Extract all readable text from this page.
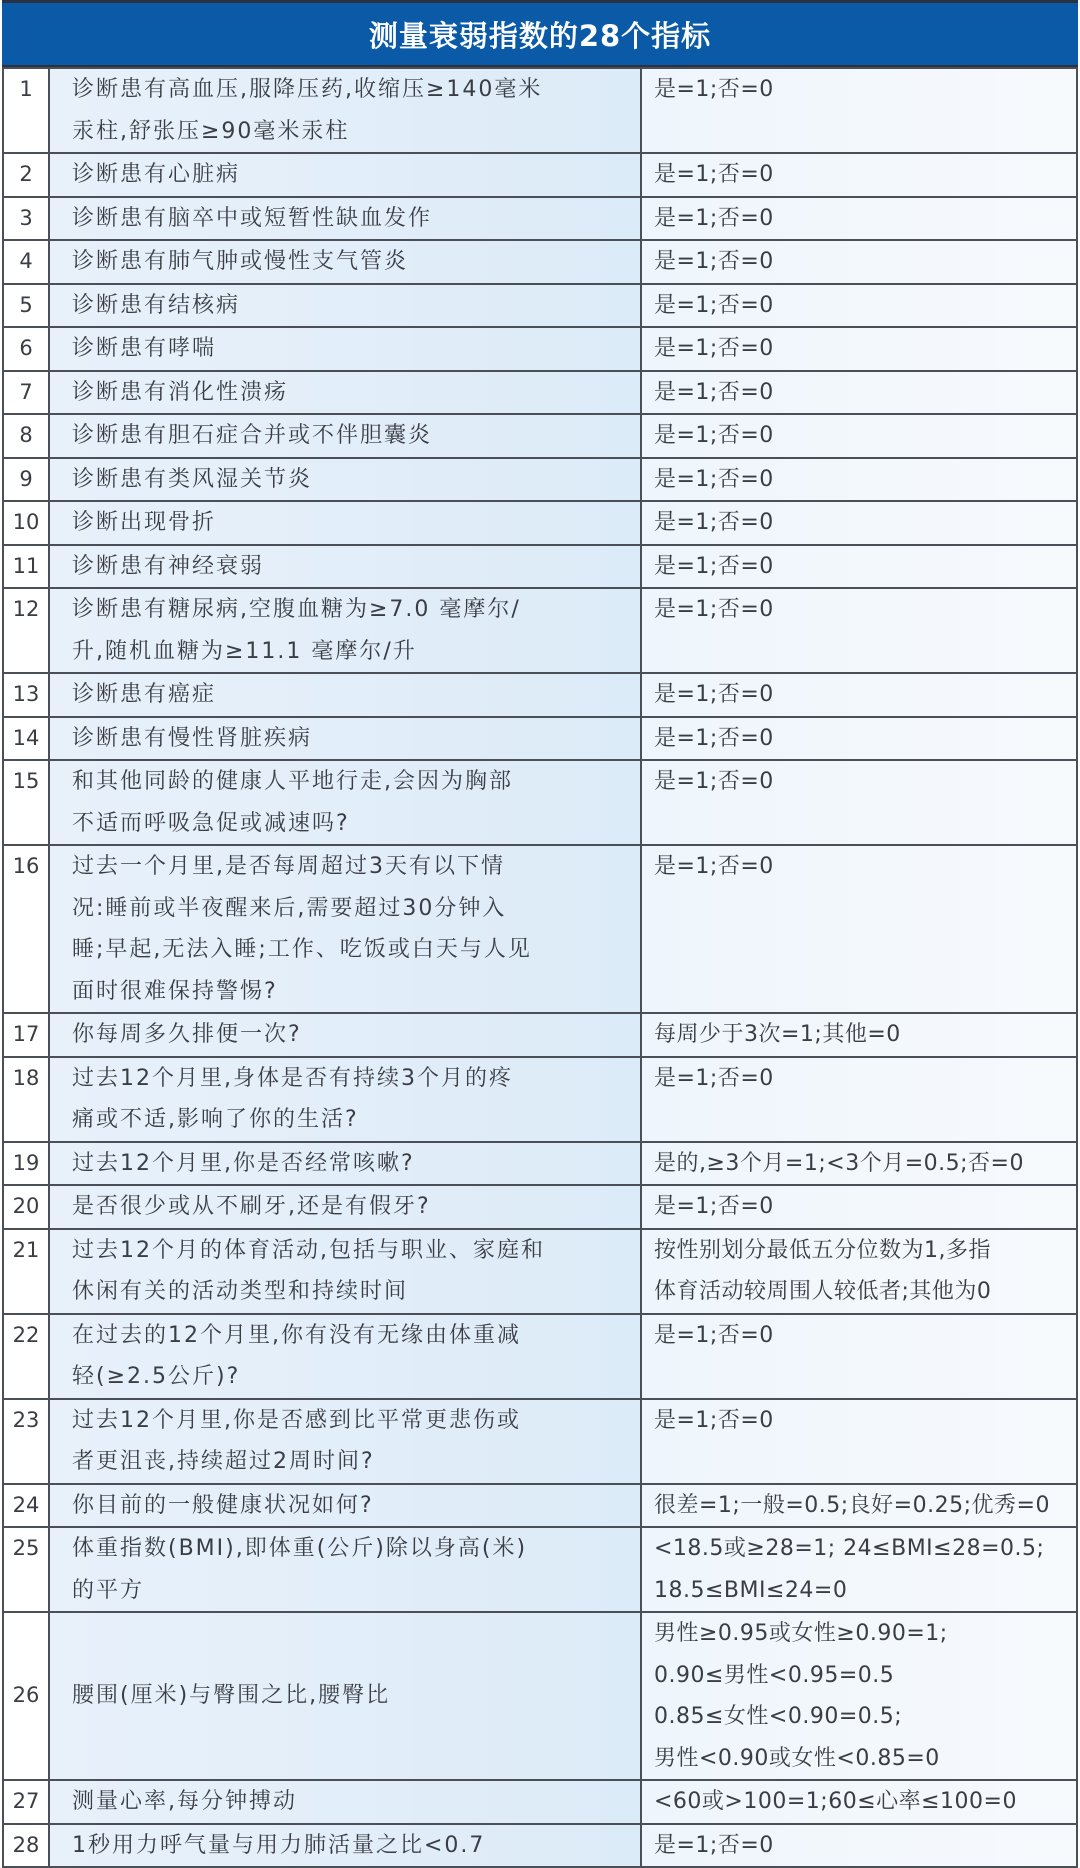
测量衰弱指数的28个指标
1	诊断患有高血压,服降压药,收缩压≥140毫米
汞柱,舒张压≥90毫米汞柱	是=1;否=0

2	诊断患有心脏病	是=1;否=0

3	诊断患有脑卒中或短暂性缺血发作	是=1;否=0

4	诊断患有肺气肿或慢性支气管炎	是=1;否=0

5	诊断患有结核病	是=1;否=0

6	诊断患有哮喘	是=1;否=0

7	诊断患有消化性溃疡	是=1;否=0

8	诊断患有胆石症合并或不伴胆囊炎	是=1;否=0

9	诊断患有类风湿关节炎	是=1;否=0

10	诊断出现骨折	是=1;否=0

11	诊断患有神经衰弱	是=1;否=0

12	诊断患有糖尿病,空腹血糖为≥7.0 毫摩尔/
升,随机血糖为≥11.1 毫摩尔/升	是=1;否=0

13	诊断患有癌症	是=1;否=0

14	诊断患有慢性肾脏疾病	是=1;否=0

15	和其他同龄的健康人平地行走,会因为胸部
不适而呼吸急促或减速吗?	是=1;否=0

16	过去一个月里,是否每周超过3天有以下情
况:睡前或半夜醒来后,需要超过30分钟入
睡;早起,无法入睡;工作、吃饭或白天与人见
面时很难保持警惕?	是=1;否=0

17	你每周多久排便一次?	每周少于3次=1;其他=0

18	过去12个月里,身体是否有持续3个月的疼
痛或不适,影响了你的生活?	是=1;否=0

19	过去12个月里,你是否经常咳嗽?	是的,≥3个月=1;<3个月=0.5;否=0

20	是否很少或从不刷牙,还是有假牙?	是=1;否=0

21	过去12个月的体育活动,包括与职业、家庭和
休闲有关的活动类型和持续时间	按性别划分最低五分位数为1,多指
体育活动较周围人较低者;其他为0

22	在过去的12个月里,你有没有无缘由体重减
轻(≥2.5公斤)?	是=1;否=0

23	过去12个月里,你是否感到比平常更悲伤或
者更沮丧,持续超过2周时间?	是=1;否=0

24	你目前的一般健康状况如何?	很差=1;一般=0.5;良好=0.25;优秀=0

25	体重指数(BMI),即体重(公斤)除以身高(米)
的平方	<18.5或≥28=1; 24≤BMI≤28=0.5;
18.5≤BMI≤24=0

26	腰围(厘米)与臀围之比,腰臀比	男性≥0.95或女性≥0.90=1;
0.90≤男性<0.95=0.5
0.85≤女性<0.90=0.5;
男性<0.90或女性<0.85=0

27	测量心率,每分钟搏动	<60或>100=1;60≤心率≤100=0

28	1秒用力呼气量与用力肺活量之比<0.7	是=1;否=0
